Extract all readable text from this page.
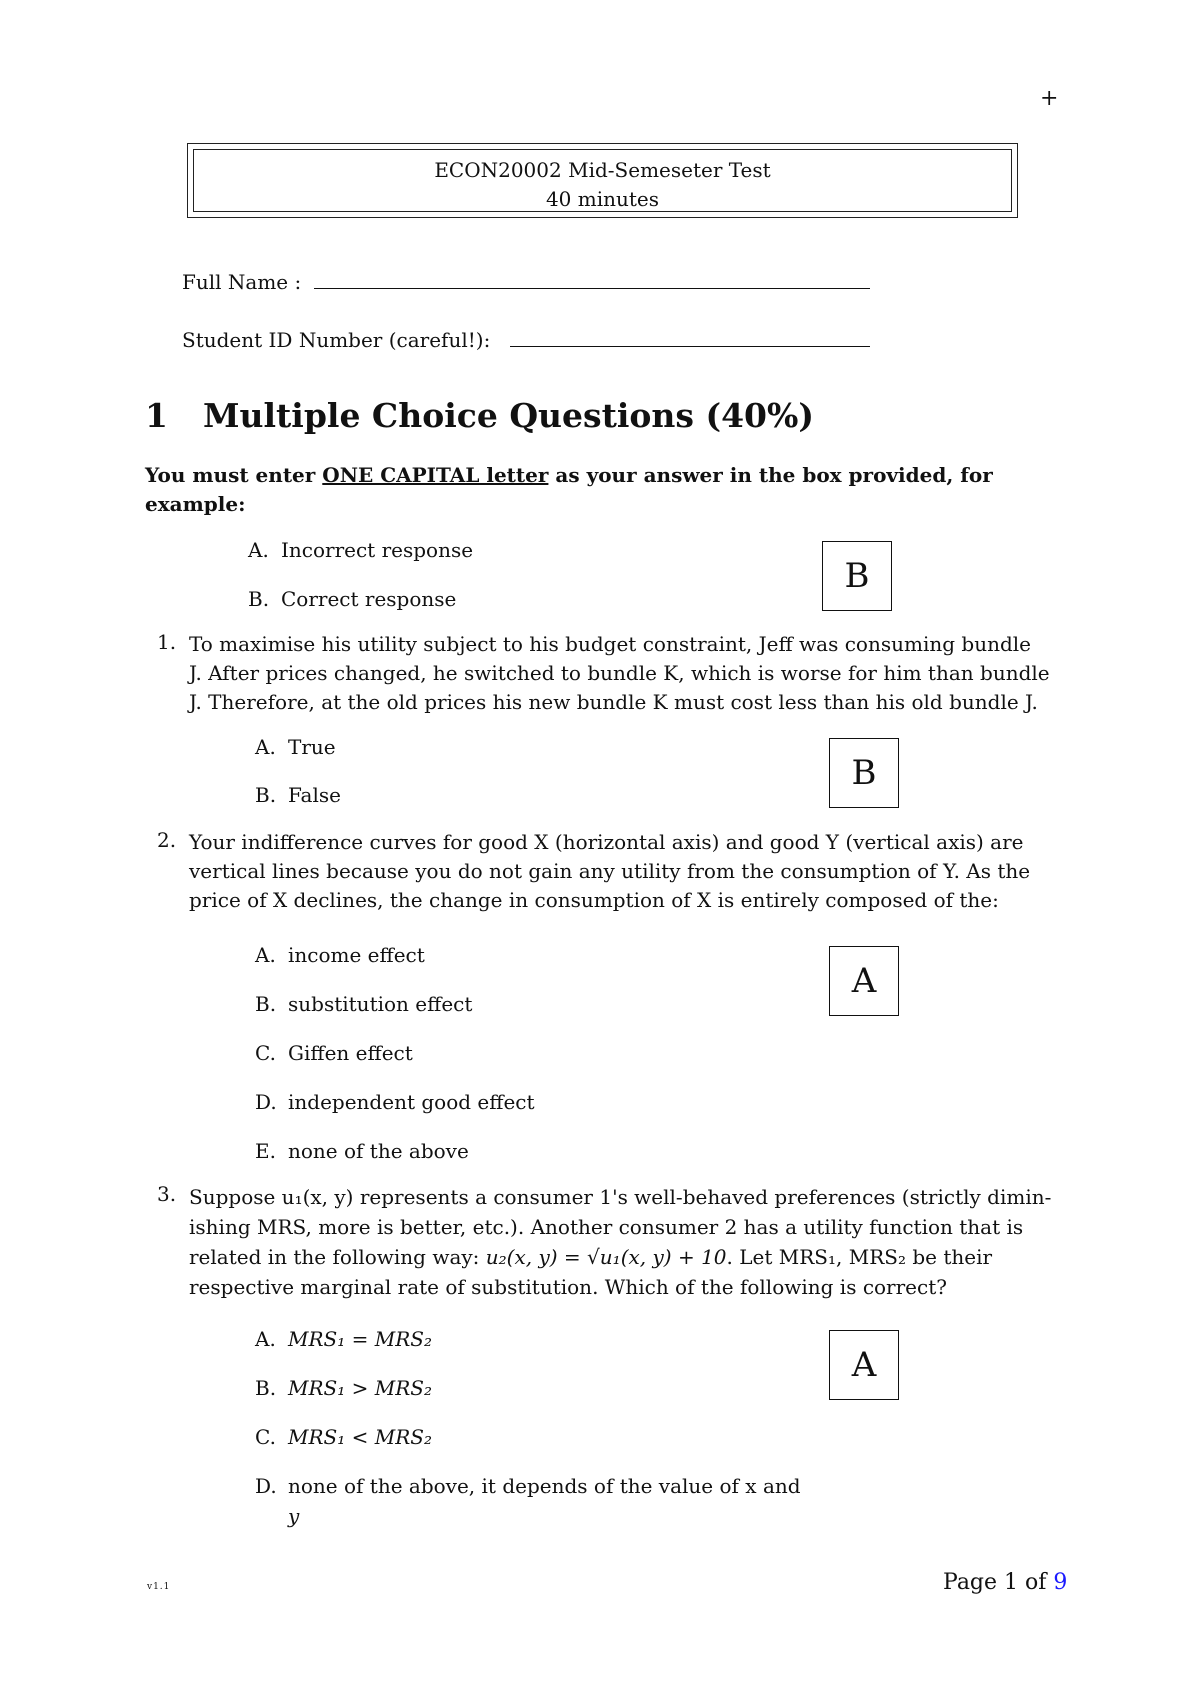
+
ECON20002 Mid-Semeseter Test
40 minutes
Full Name :
Student ID Number (careful!):
1 Multiple Choice Questions (40%)
You must enter ONE CAPITAL letter as your answer in the box provided, for example:
A. Incorrect response
B. Correct response
B
1. To maximise his utility subject to his budget constraint, Jeff was consuming bundle
J. After prices changed, he switched to bundle K, which is worse for him than bundle
J. Therefore, at the old prices his new bundle K must cost less than his old bundle J.
A. True
B. False
B
2. Your indifference curves for good X (horizontal axis) and good Y (vertical axis) are
vertical lines because you do not gain any utility from the consumption of Y. As the
price of X declines, the change in consumption of X is entirely composed of the:
A. income effect
B. substitution effect
C. Giffen effect
D. independent good effect
E. none of the above
A
3. Suppose u₁(x, y) represents a consumer 1's well-behaved preferences (strictly dimin-
ishing MRS, more is better, etc.). Another consumer 2 has a utility function that is
related in the following way: u₂(x, y) = √u₁(x, y) + 10. Let MRS₁, MRS₂ be their
respective marginal rate of substitution. Which of the following is correct?
A. MRS₁ = MRS₂
B. MRS₁ > MRS₂
C. MRS₁ < MRS₂
D. none of the above, it depends of the value of x and
y
A
v1.1	Page 1 of 9
